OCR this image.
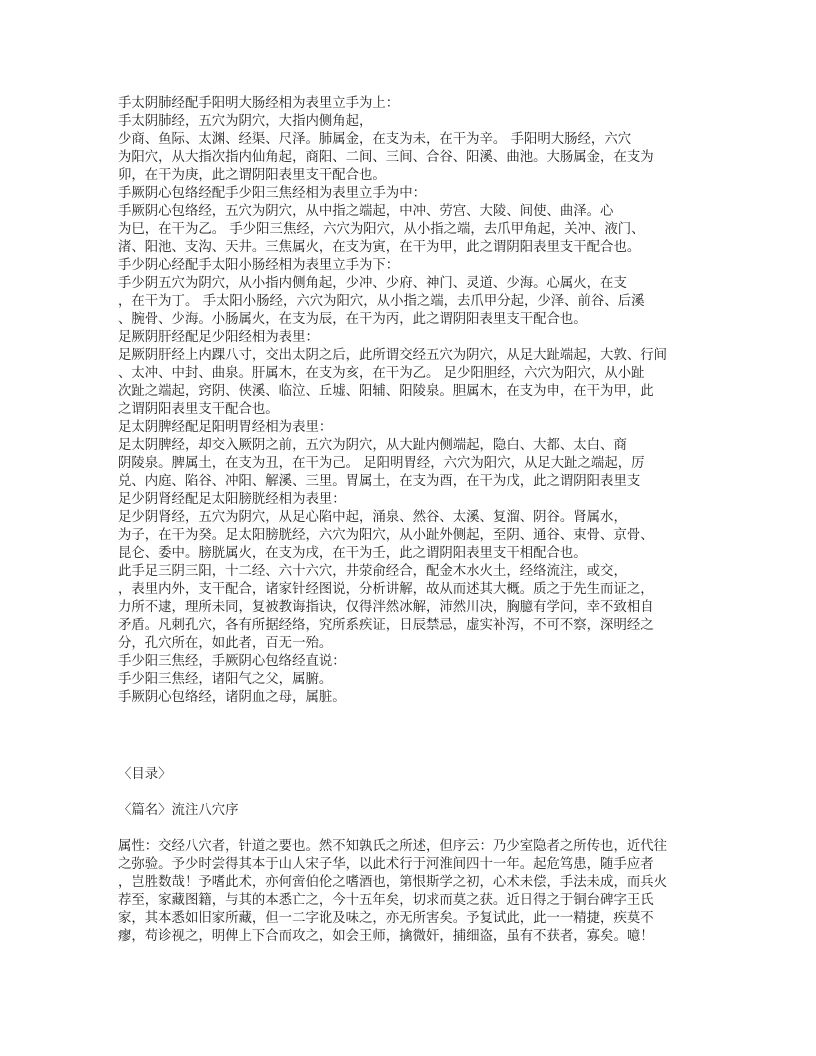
手太阴肺经配手阳明大肠经相为表里立手为上：
手太阴肺经，五穴为阴穴，大指内侧角起，
少商、鱼际、太渊、经渠、尺泽。肺属金，在支为未，在干为辛。 手阳明大肠经，六穴
为阳穴，从大指次指内仙角起，商阳、二间、三间、合谷、阳溪、曲池。大肠属金，在支为
卯，在干为庚，此之谓阴阳表里支干配合也。
手厥阴心包络经配手少阳三焦经相为表里立手为中：
手厥阴心包络经，五穴为阴穴，从中指之端起，中冲、劳宫、大陵、间使、曲泽。心
为巳，在干为乙。 手少阳三焦经，六穴为阳穴，从小指之端，去爪甲角起，关冲、液门、
渚、阳池、支沟、天井。三焦属火，在支为寅，在干为甲，此之谓阴阳表里支干配合也。
手少阴心经配手太阳小肠经相为表里立手为下：
手少阴五穴为阴穴，从小指内侧角起，少冲、少府、神门、灵道、少海。心属火，在支
，在干为丁。 手太阳小肠经，六穴为阳穴，从小指之端，去爪甲分起，少泽、前谷、后溪
、腕骨、少海。小肠属火，在支为辰，在干为丙，此之谓阴阳表里支干配合也。
足厥阴肝经配足少阳经相为表里：
足厥阴肝经上内踝八寸，交出太阴之后，此所谓交经五穴为阴穴，从足大趾端起，大敦、行间
、太冲、中封、曲泉。肝属木，在支为亥，在干为乙。 足少阳胆经，六穴为阳穴，从小趾
次趾之端起，窍阴、侠溪、临泣、丘墟、阳辅、阳陵泉。胆属木，在支为申，在干为甲，此
之谓阴阳表里支干配合也。
足太阴脾经配足阳明胃经相为表里：
足太阴脾经，却交入厥阴之前，五穴为阴穴，从大趾内侧端起，隐白、大都、太白、商
阴陵泉。脾属土，在支为丑，在干为己。 足阳明胃经，六穴为阳穴，从足大趾之端起，厉
兑、内庭、陷谷、冲阳、解溪、三里。胃属土，在支为酉，在干为戊，此之谓阴阳表里支
足少阴肾经配足太阳膀胱经相为表里：
足少阴肾经，五穴为阴穴，从足心陷中起，涌泉、然谷、太溪、复溜、阴谷。肾属水，
为子，在干为癸。足太阳膀胱经，六穴为阳穴，从小趾外侧起，至阴、通谷、束骨、京骨、
昆仑、委中。膀胱属火，在支为戌，在干为壬，此之谓阴阳表里支干相配合也。
此手足三阴三阳，十二经、六十六穴，井荥俞经合，配金木水火土，经络流注，或交，
，表里内外，支干配合，诸家针经图说，分析讲解，故从而述其大概。质之于先生而证之，
力所不逮，理所未同，复被教诲指诀，仅得泮然冰解，沛然川决，胸臆有学问，幸不致相自
矛盾。凡刺孔穴，各有所据经络，究所系疾证，日辰禁忌，虚实补泻，不可不察，深明经之
分，孔穴所在，如此者，百无一殆。
手少阳三焦经，手厥阴心包络经直说：
手少阳三焦经，诸阳气之父，属腑。
手厥阴心包络经，诸阴血之母，属脏。
〈目录〉
〈篇名〉流注八穴序
属性：交经八穴者，针道之要也。然不知孰氏之所述，但序云：乃少室隐者之所传也，近代往
之弥验。予少时尝得其本于山人宋子华，以此术行于河淮间四十一年。起危笃患，随手应者
，岂胜数哉！予嗜此术，亦何啻伯伦之嗜酒也，第恨斯学之初，心术未偿，手法未成，而兵火
荐至，家藏图籍，与其的本悉亡之，今十五年矣，切求而莫之获。近日得之于铜台碑字王氏
家，其本悉如旧家所藏，但一二字讹及味之，亦无所害矣。予复试此，此一一精捷，疾莫不
瘳，苟诊视之，明俾上下合而攻之，如会王师，擒微奸，捕细盗，虽有不获者，寡矣。噫！
